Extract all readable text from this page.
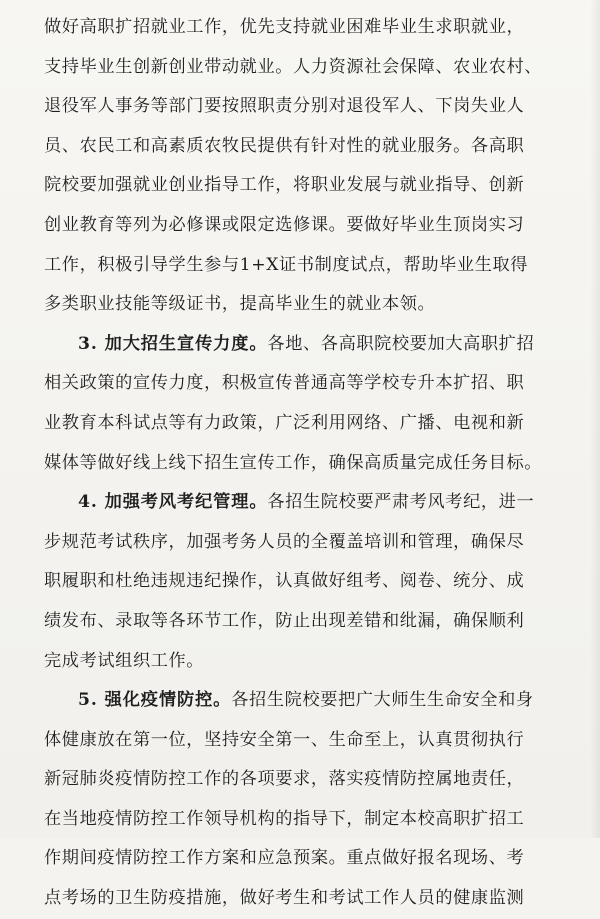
做好高职扩招就业工作，优先支持就业困难毕业生求职就业，
支持毕业生创新创业带动就业。人力资源社会保障、农业农村、
退役军人事务等部门要按照职责分别对退役军人、下岗失业人
员、农民工和高素质农牧民提供有针对性的就业服务。各高职
院校要加强就业创业指导工作，将职业发展与就业指导、创新
创业教育等列为必修课或限定选修课。要做好毕业生顶岗实习
工作，积极引导学生参与1+X证书制度试点，帮助毕业生取得
多类职业技能等级证书，提高毕业生的就业本领。
3. 加大招生宣传力度。各地、各高职院校要加大高职扩招
相关政策的宣传力度，积极宣传普通高等学校专升本扩招、职
业教育本科试点等有力政策，广泛利用网络、广播、电视和新
媒体等做好线上线下招生宣传工作，确保高质量完成任务目标。
4. 加强考风考纪管理。各招生院校要严肃考风考纪，进一
步规范考试秩序，加强考务人员的全覆盖培训和管理，确保尽
职履职和杜绝违规违纪操作，认真做好组考、阅卷、统分、成
绩发布、录取等各环节工作，防止出现差错和纰漏，确保顺利
完成考试组织工作。
5. 强化疫情防控。各招生院校要把广大师生生命安全和身
体健康放在第一位，坚持安全第一、生命至上，认真贯彻执行
新冠肺炎疫情防控工作的各项要求，落实疫情防控属地责任，
在当地疫情防控工作领导机构的指导下，制定本校高职扩招工
作期间疫情防控工作方案和应急预案。重点做好报名现场、考
点考场的卫生防疫措施，做好考生和考试工作人员的健康监测
